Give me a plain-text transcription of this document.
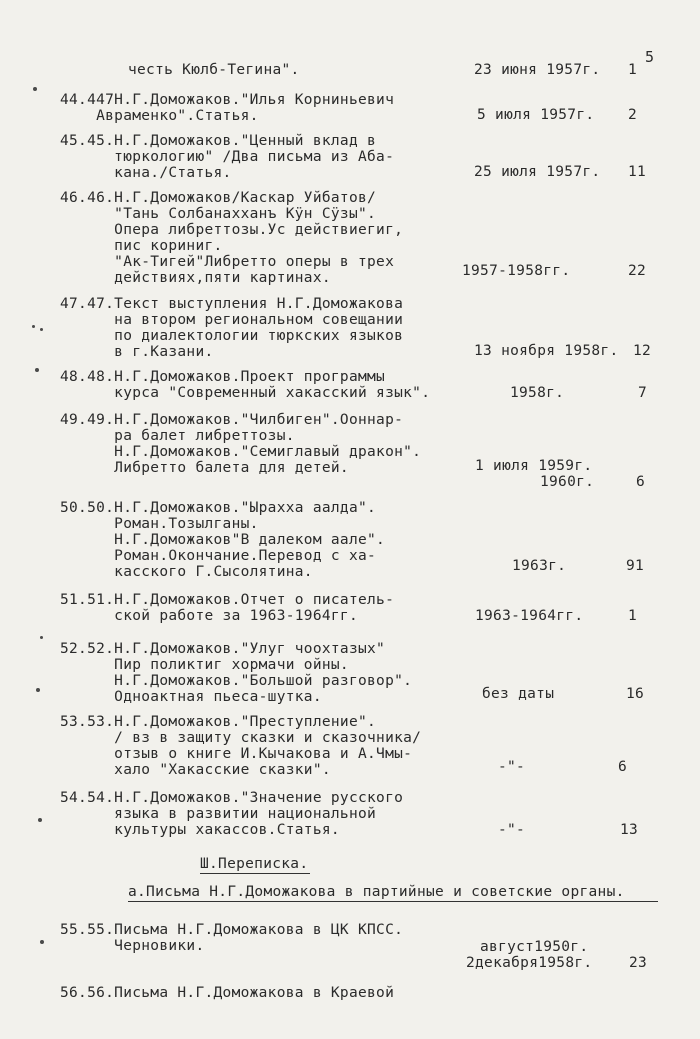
5
честь Кюлб-Тегина".	23 июня 1957г. 1
44.447Н.Г.Доможаков."Илья Корниньевич
Авраменко".Статья.	5 июля 1957г. 2
45.45.Н.Г.Доможаков."Ценный вклад в
тюркологию" /Два письма из Аба-
кана./Статья.	25 июля 1957г. 11
46.46.Н.Г.Доможаков/Каскар Уйбатов/
"Тань Солбанахханъ Кӱн Сӱзы".
Опера либреттозы.Ус действиегиг,
пис кориниг.
"Ак-Тигей"Либретто оперы в трех
действиях,пяти картинах.	1957-1958гг.	22
47.47.Текст выступления Н.Г.Доможакова
на втором региональном совещании
по диалектологии тюркских языков
в г.Казани.	13 ноября 1958г. 12
48.48.Н.Г.Доможаков.Проект программы
курса "Современный хакасский язык".	1958г.	7
49.49.Н.Г.Доможаков."Чилбиген".Ооннар-
ра балет либреттозы.
Н.Г.Доможаков."Семиглавый дракон".
Либретто балета для детей.	1 июля 1959г.
1960г.	6
50.50.Н.Г.Доможаков."Ырахха аалда".
Роман.Тозылганы.
Н.Г.Доможаков"В далеком аале".
Роман.Окончание.Перевод с ха-
касского Г.Сысолятина.	1963г.	91
51.51.Н.Г.Доможаков.Отчет о писатель-
ской работе за 1963-1964гг.	1963-1964гг.	1
52.52.Н.Г.Доможаков."Улуг чоохтазых"
Пир поликтиг хормачи ойны.
Н.Г.Доможаков."Большой разговор".
Одноактная пьеса-шутка.	без даты	16
53.53.Н.Г.Доможаков."Преступление".
/ вз в защиту сказки и сказочника/
отзыв о книге И.Кычакова и А.Чмы-
хало "Хакасские сказки".	-"-	6
54.54.Н.Г.Доможаков."Значение русского
языка в развитии национальной
культуры хакассов.Статья.	-"-	13
Ш.Переписка.
а.Письма Н.Г.Доможакова в партийные и советские органы.
55.55.Письма Н.Г.Доможакова в ЦК КПСС.
Черновики.	август1950г.
2декабря1958г.	23
56.56.Письма Н.Г.Доможакова в Краевой
